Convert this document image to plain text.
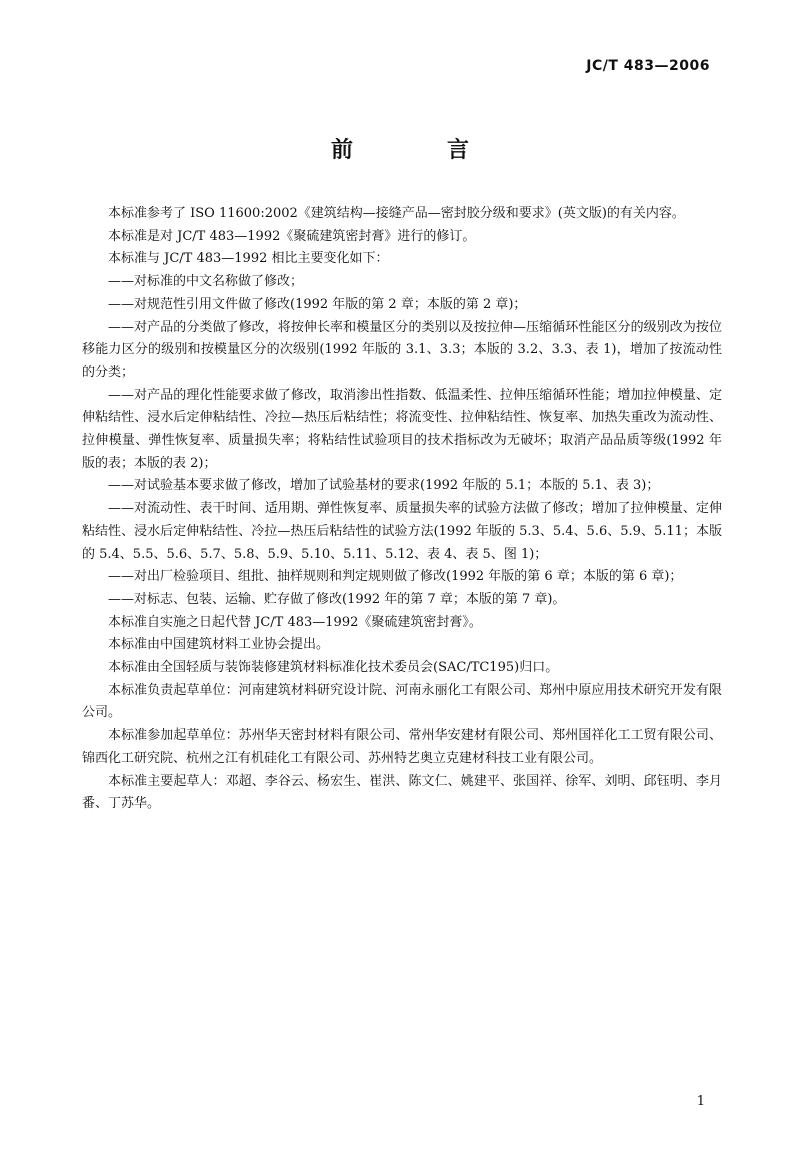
JC/T 483—2006
前　言

本标准参考了 ISO 11600:2002《建筑结构—接缝产品—密封胶分级和要求》(英文版)的有关内容。

本标准是对 JC/T 483—1992《聚硫建筑密封膏》进行的修订。

本标准与 JC/T 483—1992 相比主要变化如下：

——对标准的中文名称做了修改；

——对规范性引用文件做了修改(1992 年版的第 2 章；本版的第 2 章)；

——对产品的分类做了修改，将按伸长率和模量区分的类别以及按拉伸—压缩循环性能区分的级别改为按位移能力区分的级别和按模量区分的次级别(1992 年版的 3.1、3.3；本版的 3.2、3.3、表 1)，增加了按流动性的分类；

——对产品的理化性能要求做了修改，取消渗出性指数、低温柔性、拉伸压缩循环性能；增加拉伸模量、定伸粘结性、浸水后定伸粘结性、冷拉—热压后粘结性；将流变性、拉伸粘结性、恢复率、加热失重改为流动性、拉伸模量、弹性恢复率、质量损失率；将粘结性试验项目的技术指标改为无破坏；取消产品品质等级(1992 年版的表；本版的表 2)；

——对试验基本要求做了修改，增加了试验基材的要求(1992 年版的 5.1；本版的 5.1、表 3)；

——对流动性、表干时间、适用期、弹性恢复率、质量损失率的试验方法做了修改；增加了拉伸模量、定伸粘结性、浸水后定伸粘结性、冷拉—热压后粘结性的试验方法(1992 年版的 5.3、5.4、5.6、5.9、5.11；本版的 5.4、5.5、5.6、5.7、5.8、5.9、5.10、5.11、5.12、表 4、表 5、图 1)；

——对出厂检验项目、组批、抽样规则和判定规则做了修改(1992 年版的第 6 章；本版的第 6 章)；

——对标志、包装、运输、贮存做了修改(1992 年的第 7 章；本版的第 7 章)。

本标准自实施之日起代替 JC/T 483—1992《聚硫建筑密封膏》。

本标准由中国建筑材料工业协会提出。

本标准由全国轻质与装饰装修建筑材料标准化技术委员会(SAC/TC195)归口。

本标准负责起草单位：河南建筑材料研究设计院、河南永丽化工有限公司、郑州中原应用技术研究开发有限公司。

本标准参加起草单位：苏州华天密封材料有限公司、常州华安建材有限公司、郑州国祥化工工贸有限公司、锦西化工研究院、杭州之江有机硅化工有限公司、苏州特艺奥立克建材科技工业有限公司。

本标准主要起草人：邓超、李谷云、杨宏生、崔洪、陈文仁、姚建平、张国祥、徐军、刘明、邱钰明、李月番、丁苏华。

1
